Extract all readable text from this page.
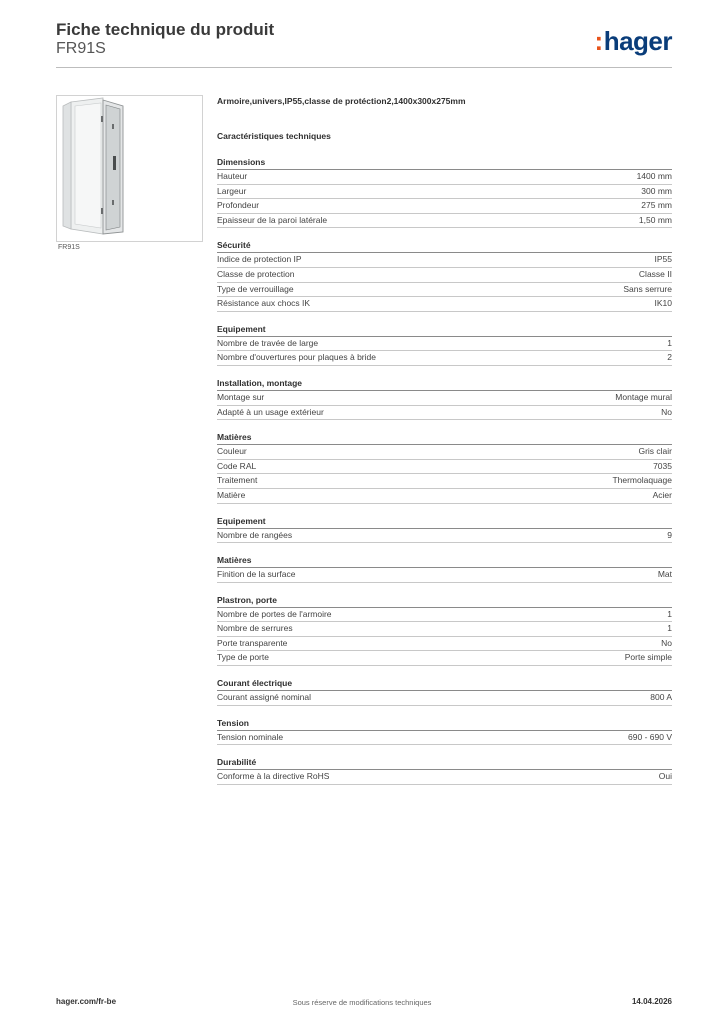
Fiche technique du produit
FR91S	:hager
FR91S
Armoire,univers,IP55,classe de protéction2,1400x300x275mm
Caractéristiques techniques
Dimensions
Hauteur	1400 mm
Largeur	300 mm
Profondeur	275 mm
Epaisseur de la paroi latérale	1,50 mm
Sécurité
Indice de protection IP	IP55
Classe de protection	Classe II
Type de verrouillage	Sans serrure
Résistance aux chocs IK	IK10
Equipement
Nombre de travée de large	1
Nombre d'ouvertures pour plaques à bride	2
Installation, montage
Montage sur	Montage mural
Adapté à un usage extérieur	No
Matières
Couleur	Gris clair
Code RAL	7035
Traitement	Thermolaquage
Matière	Acier
Equipement
Nombre de rangées	9
Matières
Finition de la surface	Mat
Plastron, porte
Nombre de portes de l'armoire	1
Nombre de serrures	1
Porte transparente	No
Type de porte	Porte simple
Courant électrique
Courant assigné nominal	800 A
Tension
Tension nominale	690 - 690 V
Durabilité
Conforme à la directive RoHS	Oui
hager.com/fr-be	Sous réserve de modifications techniques	14.04.2026
